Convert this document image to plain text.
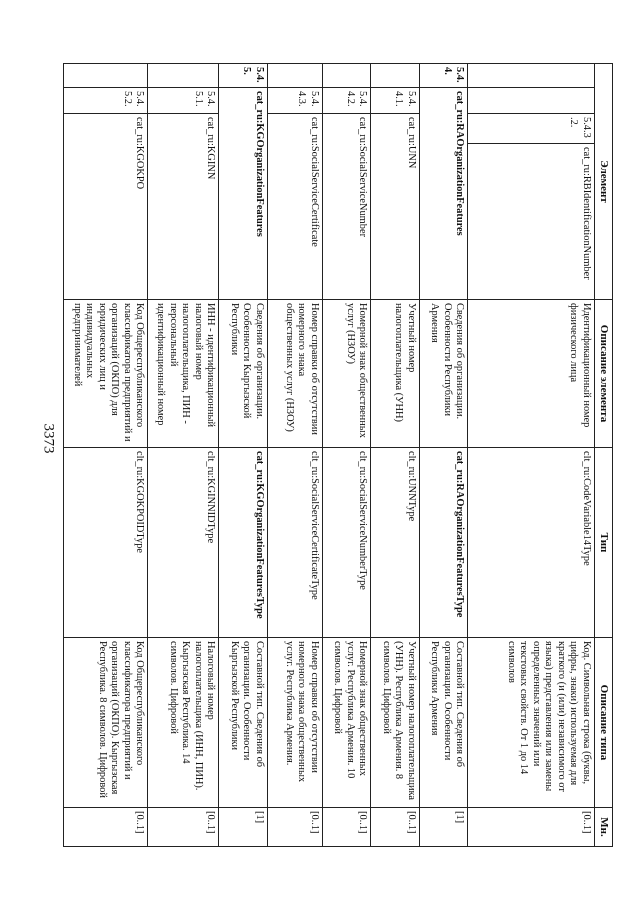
3373
Элемент				Описание элемента	Тип	Описание типа	Мн.
		5.4.3.2.	cat_ru:RBIdentificationNumber	Идентификационный номер физического лица	clt_ru:CodeVariable14Type	Код. Символьная строка (буквы, цифры, знаки) используемая для краткого (и (или) независимого от языка) представления или замены определенных значений или текстовых свойств. От 1 до 14 символов	[0..1]
5.4.4.	cat_ru:RAOrganizationFeatures			Сведения об организации. Особенности Республики Армения	cat_ru:RAOrganizationFeaturesType	Составной тип. Сведения об организации. Особенности Республики Армения	[1]
	5.4.4.1.	cat_ru:UNN		Учетный номер налогоплательщика (УНН)	clt_ru:UNNType	Учетный номер налогоплательщика (УНН). Республика Армения. 8 символов. Цифровой	[0..1]
	5.4.4.2.	cat_ru:SocialServiceNumber		Номерной знак общественных услуг (НЗОУ)	clt_ru:SocialServiceNumberType	Номерной знак общественных услуг. Республика Армения. 10 символов. Цифровой	[0..1]
	5.4.4.3.	cat_ru:SocialServiceCertificate		Номер справки об отсутствии номерного знака общественных услуг (НЗОУ)	clt_ru:SocialServiceCertificateType	Номер справки об отсутствии номерного знака общественных услуг. Республика Армения.	[0..1]
5.4.5.	cat_ru:KGOrganizationFeatures			Сведения об организации. Особенности Кыргызской Республики	cat_ru:KGOrganizationFeaturesType	Составной тип. Сведения об организации. Особенности Кыргызской Республики	[1]
	5.4.5.1.	cat_ru:KGINN		ИНН - идентификационный налоговый номер налогоплательщика, ПИН - персональный идентификационный номер	clt_ru:KGINNIDType	Налоговый номер налогоплательщика (ИНН, ПИН). Кыргызская Республика. 14 символов. Цифровой	[0..1]
	5.4.5.2.	cat_ru:KGOKPO		Код Общереспубликанского классификатора предприятий и организаций (ОКПО) для юридических лиц и индивидуальных предпринимателей	clt_ru:KGOKPOIDType	Код Общереспубликанского классификатора предприятий и организаций (ОКПО). Кыргызская Республика. 8 символов. Цифровой	[0..1]
